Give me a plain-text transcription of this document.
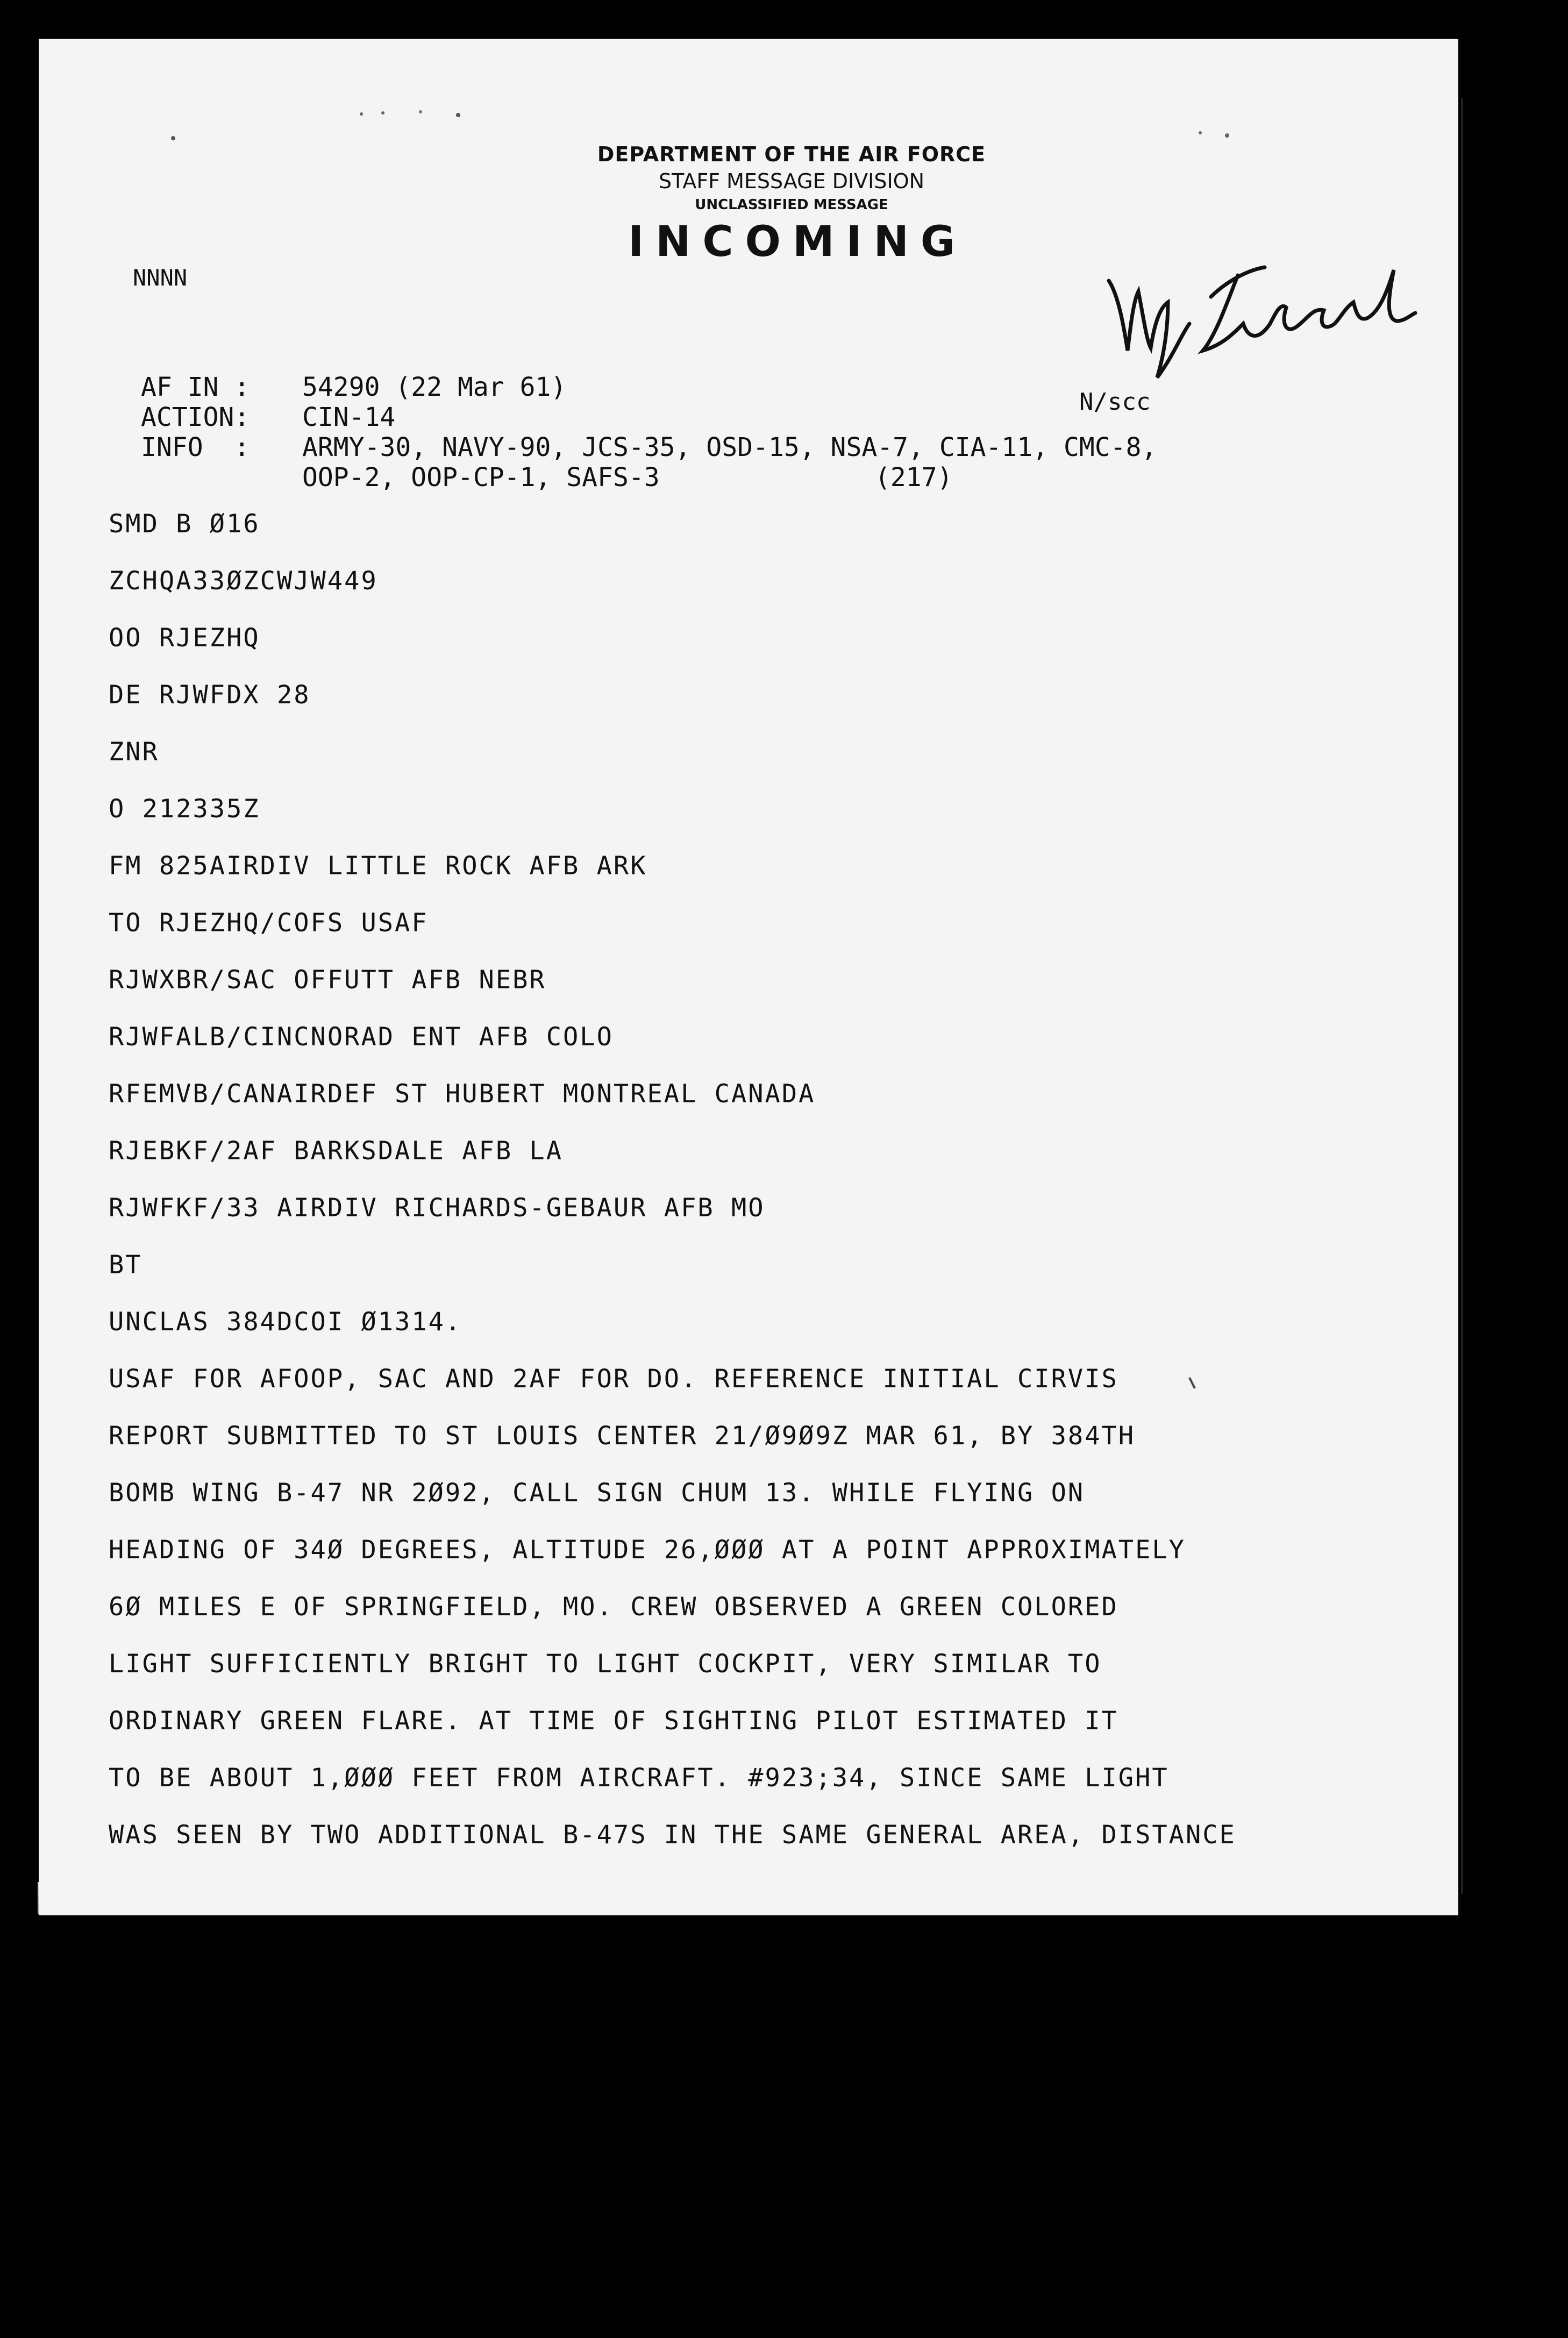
DEPARTMENT OF THE AIR FORCE
STAFF MESSAGE DIVISION
UNCLASSIFIED MESSAGE
INCOMING
NNNN
N/scc
AF IN :	54290 (22 Mar 61)
ACTION:	CIN-14
INFO  :	ARMY-30, NAVY-90, JCS-35, OSD-15, NSA-7, CIA-11, CMC-8,
OOP-2, OOP-CP-1, SAFS-3	(217)
SMD B Ø16
ZCHQA33ØZCWJW449
OO RJEZHQ
DE RJWFDX 28
ZNR
O 212335Z
FM 825AIRDIV LITTLE ROCK AFB ARK
TO RJEZHQ/COFS USAF
RJWXBR/SAC OFFUTT AFB NEBR
RJWFALB/CINCNORAD ENT AFB COLO
RFEMVB/CANAIRDEF ST HUBERT MONTREAL CANADA
RJEBKF/2AF BARKSDALE AFB LA
RJWFKF/33 AIRDIV RICHARDS-GEBAUR AFB MO
BT
UNCLAS 384DCOI Ø1314.
USAF FOR AFOOP, SAC AND 2AF FOR DO. REFERENCE INITIAL CIRVIS
REPORT SUBMITTED TO ST LOUIS CENTER 21/Ø9Ø9Z MAR 61, BY 384TH
BOMB WING B-47 NR 2Ø92, CALL SIGN CHUM 13. WHILE FLYING ON
HEADING OF 34Ø DEGREES, ALTITUDE 26,ØØØ AT A POINT APPROXIMATELY
6Ø MILES E OF SPRINGFIELD, MO. CREW OBSERVED A GREEN COLORED
LIGHT SUFFICIENTLY BRIGHT TO LIGHT COCKPIT, VERY SIMILAR TO
ORDINARY GREEN FLARE. AT TIME OF SIGHTING PILOT ESTIMATED IT
TO BE ABOUT 1,ØØØ FEET FROM AIRCRAFT. #923;34, SINCE SAME LIGHT
WAS SEEN BY TWO ADDITIONAL B-47S IN THE SAME GENERAL AREA, DISTANCE
